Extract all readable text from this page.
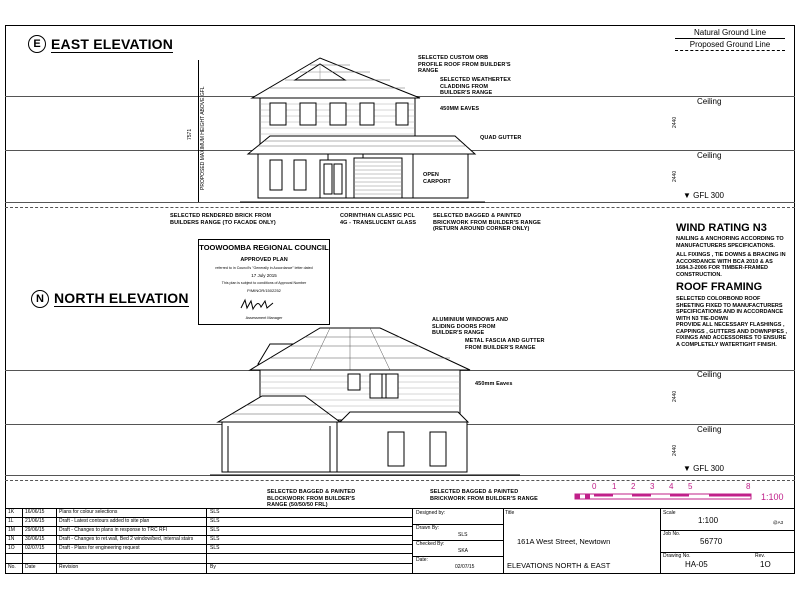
Natural Ground Line
Proposed Ground Line
E EAST ELEVATION
Ceiling
Ceiling
▼ GFL 300
2440
2440
7571 PROPOSED MAXIMUM HEIGHT ABOVE GFL	OPEN CARPORT
SELECTED CUSTOM ORB PROFILE ROOF FROM BUILDER'S RANGE
SELECTED WEATHERTEX CLADDING FROM BUILDER'S RANGE
450MM EAVES
QUAD GUTTER
SELECTED RENDERED BRICK FROM BUILDERS RANGE (TO FACADE ONLY)
CORINTHIAN CLASSIC PCL 4G - TRANSLUCENT GLASS
SELECTED BAGGED & PAINTED BRICKWORK FROM BUILDER'S RANGE (RETURN AROUND CORNER ONLY)	WIND RATING N3
NAILING & ANCHORING ACCORDING TO MANUFACTURERS SPECIFICATIONS.
ALL FIXINGS , TIE DOWNS & BRACING IN ACCORDANCE WITH BCA 2010 & AS 1684.3-2006 FOR TIMBER-FRAMED CONSTRUCTION.
ROOF FRAMING
SELECTED COLORBOND ROOF SHEETING FIXED TO MANUFACTURERS SPECIFICATIONS AND IN ACCORDANCE WITH N3 TIE-DOWN
PROVIDE ALL NECESSARY FLASHINGS , CAPPINGS , GUTTERS AND DOWNPIPES , FIXINGS AND ACCESSORIES TO ENSURE A COMPLETELY WATERTIGHT FINISH.
TOOWOOMBA REGIONAL COUNCIL
APPROVED PLAN
referred to in Council's "Generally in Accordance" letter dated
17 July 2015
This plan is subject to conditions of Approval Number
P/MINOR/1502252
Assessment Manager
N NORTH ELEVATION
Ceiling
Ceiling
▼ GFL 300
2440
2440
ALUMINIUM WINDOWS AND SLIDING DOORS FROM BUILDER'S RANGE
METAL FASCIA AND GUTTER FROM BUILDER'S RANGE
450mm Eaves
SELECTED BAGGED & PAINTED BLOCKWORK FROM BUILDER'S RANGE (50/50/50 FRL)
SELECTED BAGGED & PAINTED BRICKWORK FROM BUILDER'S RANGE
0 1 2 3 4 5	8
1:100
1K 16/06/15	Plans for colour selections	SLS
1L 21/06/15	Draft - Latest contours added to site plan	SLS
1M 29/06/15	Draft - Changes to plans in response to TRC RFI	SLS
1N 30/06/15	Draft - Changes to ret.wall, Bed 2 window/bed, internal stairs	SLS
1O 02/07/15	Draft - Plans for engineering request	SLS
No. Date	Revision	By
Designed by:
Drawn By:
SLS
Checked By:
SKA
Date:
02/07/15
Title
161A West Street, Newtown
ELEVATIONS NORTH & EAST
Scale
1:100	@A3
Job No.
56770
Drawing No.	Rev.
HA-05	1O
